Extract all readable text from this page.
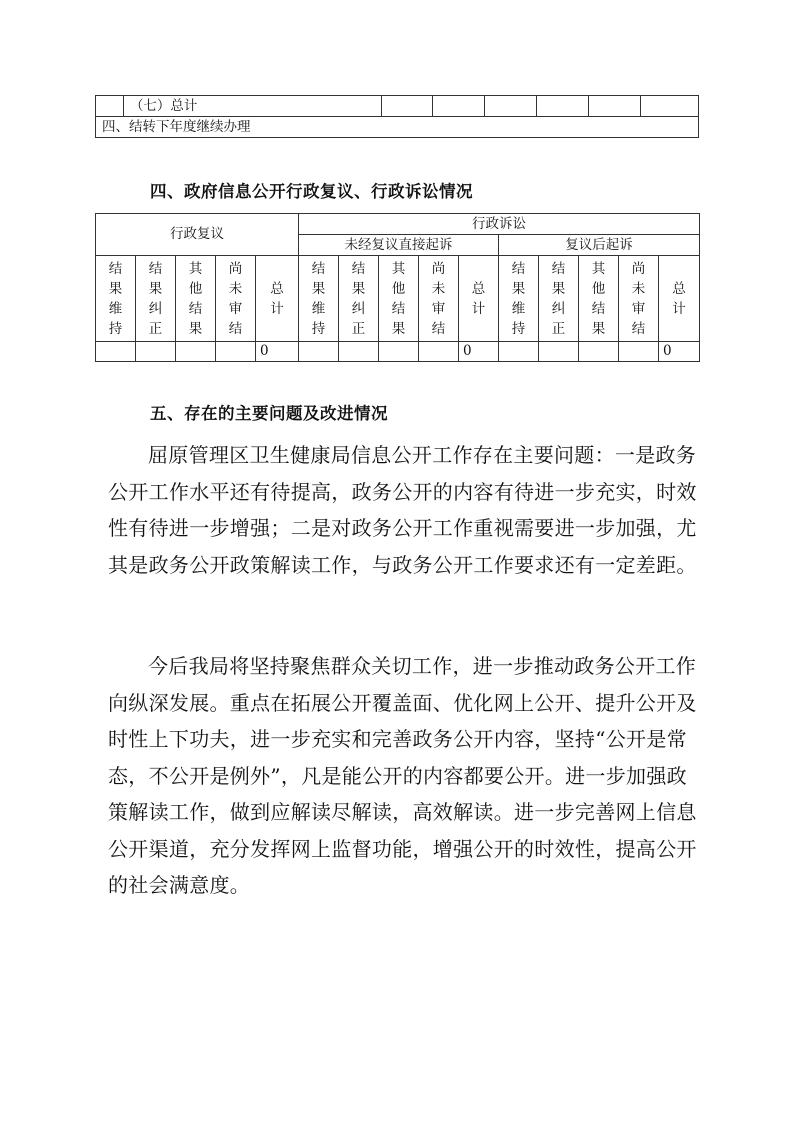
	（七）总计						
四、结转下年度继续办理
四、政府信息公开行政复议、行政诉讼情况
行政复议					行政诉讼									
					未经复议直接起诉					复议后起诉				

结果维持	结果纠正	其他结果	尚未审结	总计	结果维持	结果纠正	其他结果	尚未审结	总计	结果维持	结果纠正	其他结果	尚未审结	总计

				0					0					0
五、存在的主要问题及改进情况
屈原管理区卫生健康局信息公开工作存在主要问题：一是政务公开工作水平还有待提高，政务公开的内容有待进一步充实，时效性有待进一步增强；二是对政务公开工作重视需要进一步加强，尤其是政务公开政策解读工作，与政务公开工作要求还有一定差距。
今后我局将坚持聚焦群众关切工作，进一步推动政务公开工作向纵深发展。重点在拓展公开覆盖面、优化网上公开、提升公开及时性上下功夫，进一步充实和完善政务公开内容，坚持“公开是常态，不公开是例外”，凡是能公开的内容都要公开。进一步加强政策解读工作，做到应解读尽解读，高效解读。进一步完善网上信息公开渠道，充分发挥网上监督功能，增强公开的时效性，提高公开的社会满意度。
